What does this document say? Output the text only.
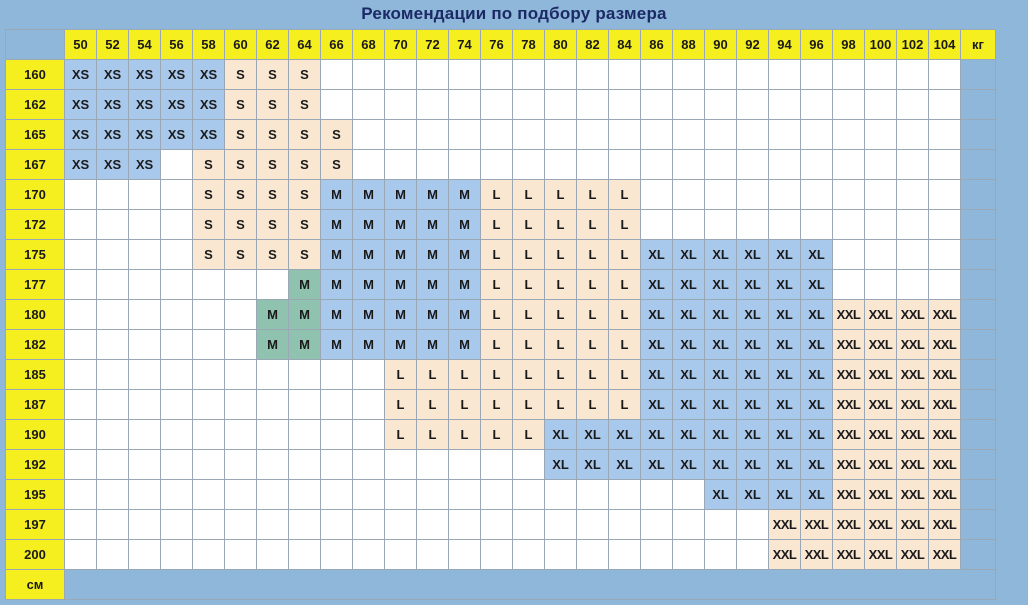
Рекомендации по подбору размера
	50	52	54	56	58	60	62	64	66	68	70	72	74	76	78	80	82	84	86	88	90	92	94	96	98	100	102	104	кг
160	XS	XS	XS	XS	XS	S	S	S																					
162	XS	XS	XS	XS	XS	S	S	S																					
165	XS	XS	XS	XS	XS	S	S	S	S																				
167	XS	XS	XS		S	S	S	S	S																				
170					S	S	S	S	M	M	M	M	M	L	L	L	L	L											
172					S	S	S	S	M	M	M	M	M	L	L	L	L	L											
175					S	S	S	S	M	M	M	M	M	L	L	L	L	L	XL	XL	XL	XL	XL	XL					
177								M	M	M	M	M	M	L	L	L	L	L	XL	XL	XL	XL	XL	XL					
180							M	M	M	M	M	M	M	L	L	L	L	L	XL	XL	XL	XL	XL	XL	XXL	XXL	XXL	XXL	
182							M	M	M	M	M	M	M	L	L	L	L	L	XL	XL	XL	XL	XL	XL	XXL	XXL	XXL	XXL	
185											L	L	L	L	L	L	L	L	XL	XL	XL	XL	XL	XL	XXL	XXL	XXL	XXL	
187											L	L	L	L	L	L	L	L	XL	XL	XL	XL	XL	XL	XXL	XXL	XXL	XXL	
190											L	L	L	L	L	XL	XL	XL	XL	XL	XL	XL	XL	XL	XXL	XXL	XXL	XXL	
192																XL	XL	XL	XL	XL	XL	XL	XL	XL	XXL	XXL	XXL	XXL	
195																					XL	XL	XL	XL	XXL	XXL	XXL	XXL	
197																							XXL	XXL	XXL	XXL	XXL	XXL	
200																							XXL	XXL	XXL	XXL	XXL	XXL	
см																													
